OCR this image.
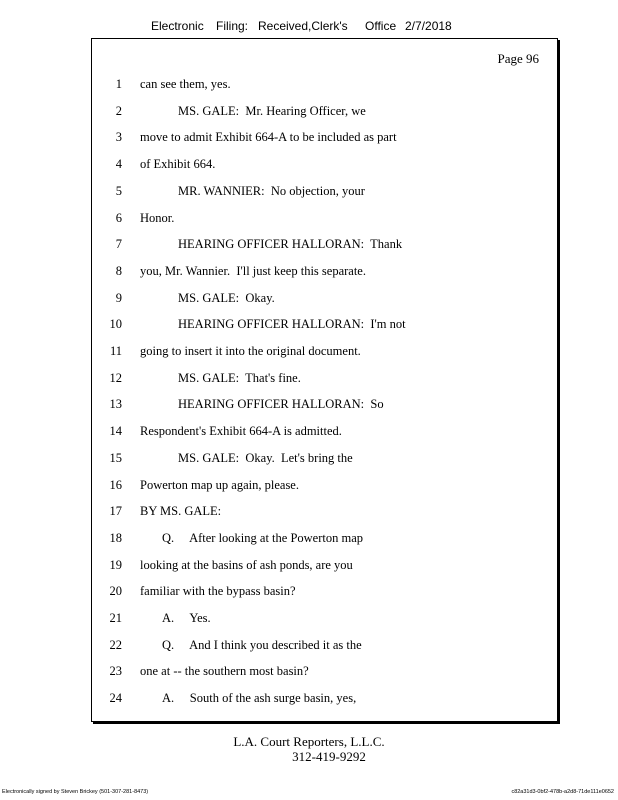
Electronic Filing: Received,Clerk's Office 2/7/2018
Page 96
1 can see them, yes.
2	MS. GALE:  Mr. Hearing Officer, we
3 move to admit Exhibit 664-A to be included as part
4 of Exhibit 664.
5	MR. WANNIER:  No objection, your
6 Honor.
7	HEARING OFFICER HALLORAN:  Thank
8 you, Mr. Wannier.  I'll just keep this separate.
9	MS. GALE:  Okay.
10	HEARING OFFICER HALLORAN:  I'm not
11 going to insert it into the original document.
12	MS. GALE:  That's fine.
13	HEARING OFFICER HALLORAN:  So
14 Respondent's Exhibit 664-A is admitted.
15	MS. GALE:  Okay.  Let's bring the
16 Powerton map up again, please.
17 BY MS. GALE:
18	Q.     After looking at the Powerton map
19 looking at the basins of ash ponds, are you
20 familiar with the bypass basin?
21	A.     Yes.
22	Q.     And I think you described it as the
23 one at -- the southern most basin?
24	A.     South of the ash surge basin, yes,
L.A. Court Reporters, L.L.C.
312-419-9292
Electronically signed by Steven Brickey (501-307-281-8473)	c82a31d3-0bf2-478b-a2d8-71de111e0652
